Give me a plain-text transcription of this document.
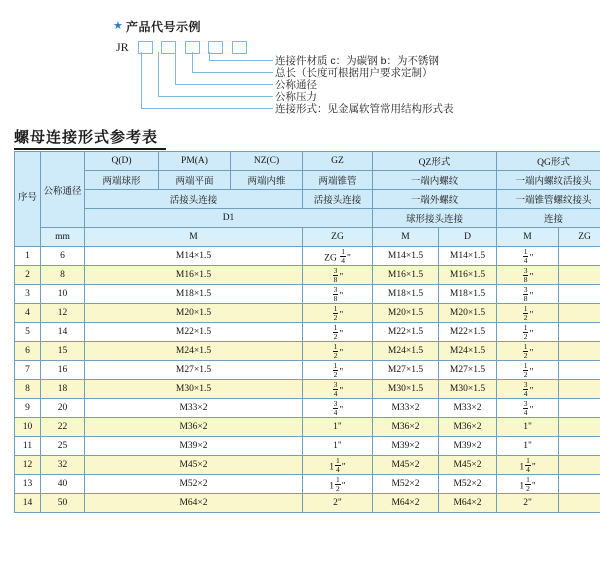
★ 产品代号示例
JR

连接件材质 c：为碳钢 b：为不锈钢
总长（长度可根据用户要求定制）
公称通径
公称压力
连接形式：见金属软管常用结构形式表
螺母连接形式参考表
序号	公称通径	Q(D)	PM(A)	NZ(C)	GZ	QZ形式		QG形式	
		两端球形	两端平面	两端内维	两端锥管	一端内螺纹		一端内螺纹活接头	
		活接头连接			活接头连接	一端外螺纹		一端锥管螺纹接头	
		D1				球形接头连接		连接	
	mm	M			ZG	M	D	M	ZG
1	6	M14×1.5			ZG $\frac{1}{4}$ "	M14×1.5	M14×1.5	$\frac{1}{4}$ "	
2	8	M16×1.5			$\frac{3}{8}$ "	M16×1.5	M16×1.5	$\frac{3}{8}$ "	
3	10	M18×1.5			$\frac{3}{8}$ "	M18×1.5	M18×1.5	$\frac{3}{8}$ "	
4	12	M20×1.5			$\frac{1}{2}$ "	M20×1.5	M20×1.5	$\frac{1}{2}$ "	
5	14	M22×1.5			$\frac{1}{2}$ "	M22×1.5	M22×1.5	$\frac{1}{2}$ "	
6	15	M24×1.5			$\frac{1}{2}$ "	M24×1.5	M24×1.5	$\frac{1}{2}$ "	
7	16	M27×1.5			$\frac{1}{2}$ "	M27×1.5	M27×1.5	$\frac{1}{2}$ "	
8	18	M30×1.5			$\frac{3}{4}$ "	M30×1.5	M30×1.5	$\frac{3}{4}$ "	
9	20	M33×2			$\frac{3}{4}$ "	M33×2	M33×2	$\frac{3}{4}$ "	
10	22	M36×2			1"	M36×2	M36×2	1"	
11	25	M39×2			1"	M39×2	M39×2	1"	
12	32	M45×2			$1 \frac{1}{4}$ "	M45×2	M45×2	$1 \frac{1}{4}$ "	
13	40	M52×2			$1 \frac{1}{2}$ "	M52×2	M52×2	$1 \frac{1}{2}$ "	
14	50	M64×2			2"	M64×2	M64×2	2"	
